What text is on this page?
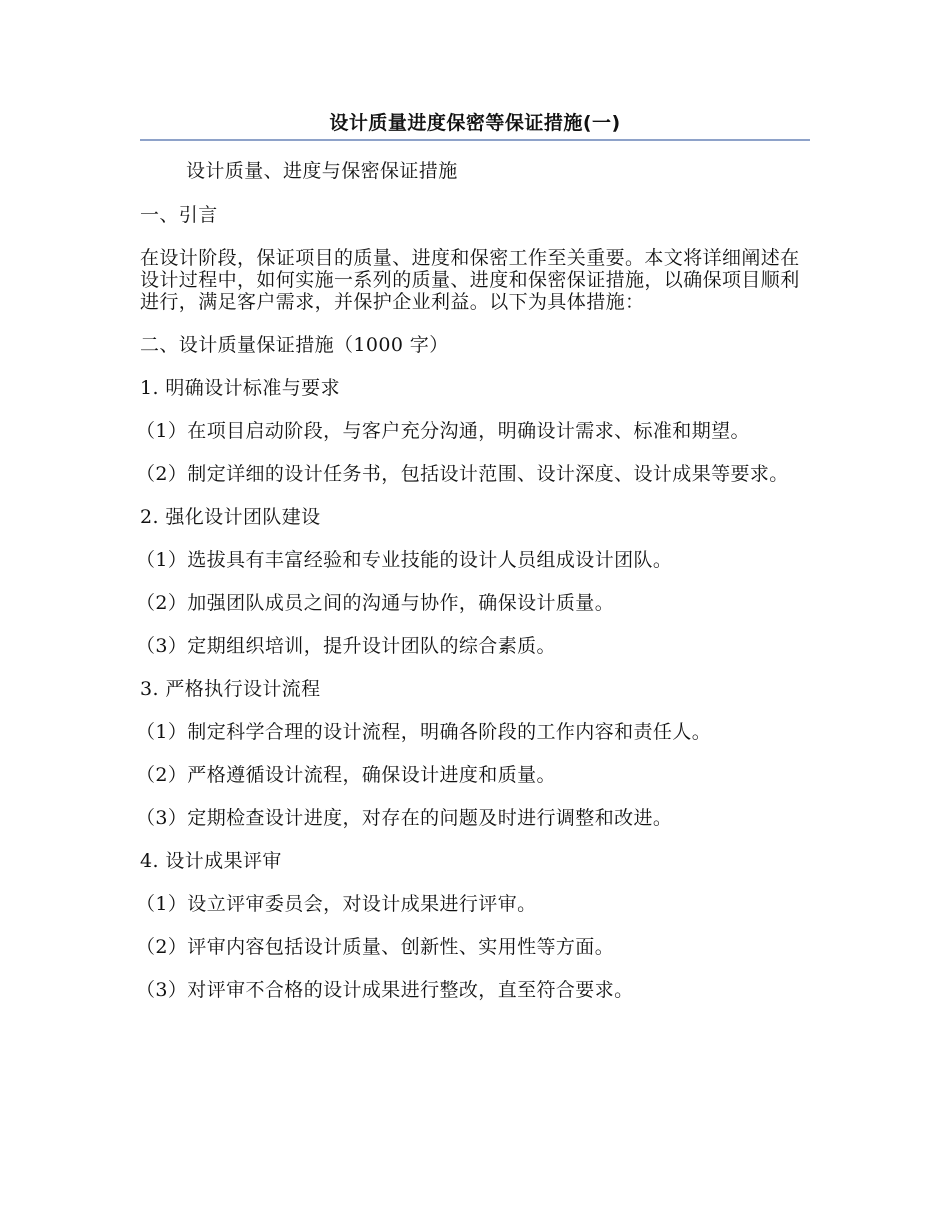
设计质量进度保密等保证措施(一)

设计质量、进度与保密保证措施

一、引言

在设计阶段，保证项目的质量、进度和保密工作至关重要。本文将详细阐述在设计过程中，如何实施一系列的质量、进度和保密保证措施，以确保项目顺利进行，满足客户需求，并保护企业利益。以下为具体措施：

二、设计质量保证措施（1000 字）

1. 明确设计标准与要求

（1）在项目启动阶段，与客户充分沟通，明确设计需求、标准和期望。

（2）制定详细的设计任务书，包括设计范围、设计深度、设计成果等要求。

2. 强化设计团队建设

（1）选拔具有丰富经验和专业技能的设计人员组成设计团队。

（2）加强团队成员之间的沟通与协作，确保设计质量。

（3）定期组织培训，提升设计团队的综合素质。

3. 严格执行设计流程

（1）制定科学合理的设计流程，明确各阶段的工作内容和责任人。

（2）严格遵循设计流程，确保设计进度和质量。

（3）定期检查设计进度，对存在的问题及时进行调整和改进。

4. 设计成果评审

（1）设立评审委员会，对设计成果进行评审。

（2）评审内容包括设计质量、创新性、实用性等方面。

（3）对评审不合格的设计成果进行整改，直至符合要求。
